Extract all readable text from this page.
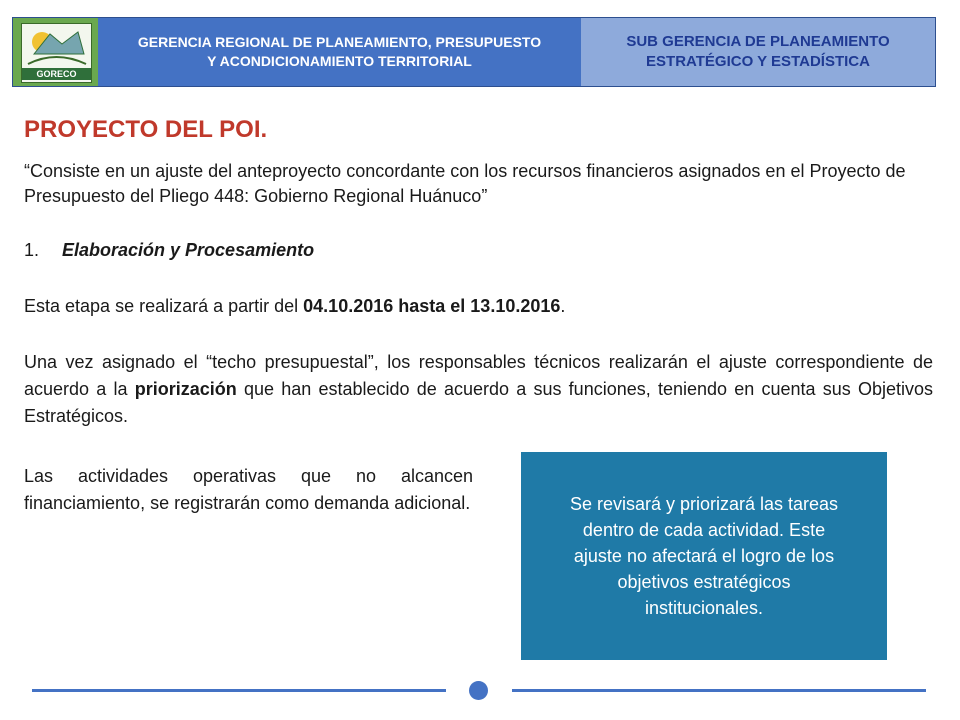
GORECO
GERENCIA REGIONAL DE PLANEAMIENTO, PRESUPUESTO
Y ACONDICIONAMIENTO TERRITORIAL
SUB GERENCIA DE PLANEAMIENTO
ESTRATÉGICO Y ESTADÍSTICA
PROYECTO DEL POI.
“Consiste en un ajuste del anteproyecto concordante con los recursos financieros asignados en el Proyecto de Presupuesto del Pliego 448: Gobierno Regional Huánuco”
1. Elaboración y Procesamiento
Esta etapa se realizará a partir del 04.10.2016 hasta el 13.10.2016.
Una vez asignado el “techo presupuestal”, los responsables técnicos realizarán el ajuste correspondiente de acuerdo a la priorización que han establecido de acuerdo a sus funciones, teniendo en cuenta sus Objetivos Estratégicos.
Las actividades operativas que no alcancen financiamiento, se registrarán como demanda adicional.	Se revisará y priorizará las tareas dentro de cada actividad. Este ajuste no afectará el logro de los objetivos estratégicos institucionales.
